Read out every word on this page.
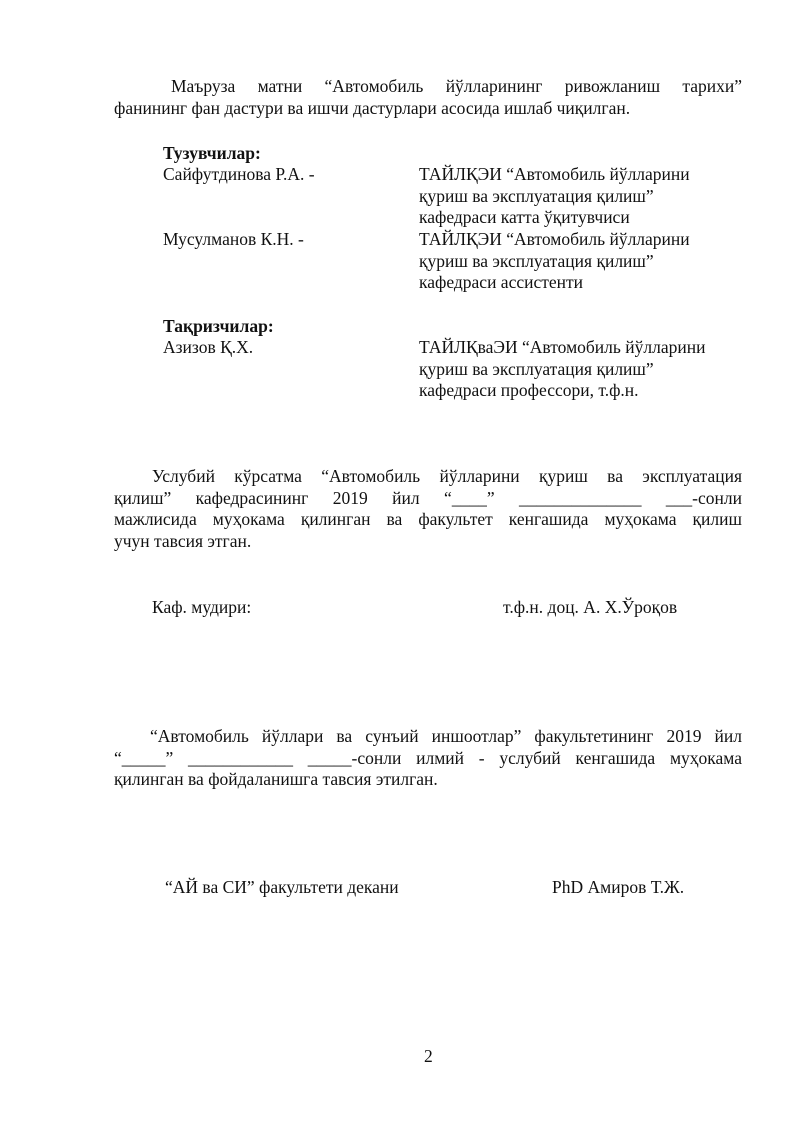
Маъруза матни “Автомобиль йўлларининг ривожланиш тарихи”
фанининг фан дастури ва ишчи дастурлари асосида ишлаб чиқилган.
Тузувчилар:
Сайфутдинова Р.А. -	ТАЙЛҚЭИ “Автомобиль йўлларини
қуриш ва эксплуатация қилиш”
кафедраси катта ўқитувчиси
Мусулманов К.Н. -	ТАЙЛҚЭИ “Автомобиль йўлларини
қуриш ва эксплуатация қилиш”
кафедраси ассистенти
Тақризчилар:
Азизов Қ.Х.	ТАЙЛҚваЭИ “Автомобиль йўлларини
қуриш ва эксплуатация қилиш”
кафедраси профессори, т.ф.н.
Услубий кўрсатма “Автомобиль йўлларини қуриш ва эксплуатация
қилиш” кафедрасининг 2019 йил “____” ______________ ___-сонли
мажлисида муҳокама қилинган ва факультет кенгашида муҳокама қилиш
учун тавсия этган.
Каф. мудири:	т.ф.н. доц. А. Х.Ўроқов
“Автомобиль йўллари ва сунъий иншоотлар” факультетининг 2019 йил
“_____” ____________ _____-сонли илмий - услубий кенгашида муҳокама
қилинган ва фойдаланишга тавсия этилган.
“АЙ ва СИ” факультети декани	PhD Амиров Т.Ж.
2
